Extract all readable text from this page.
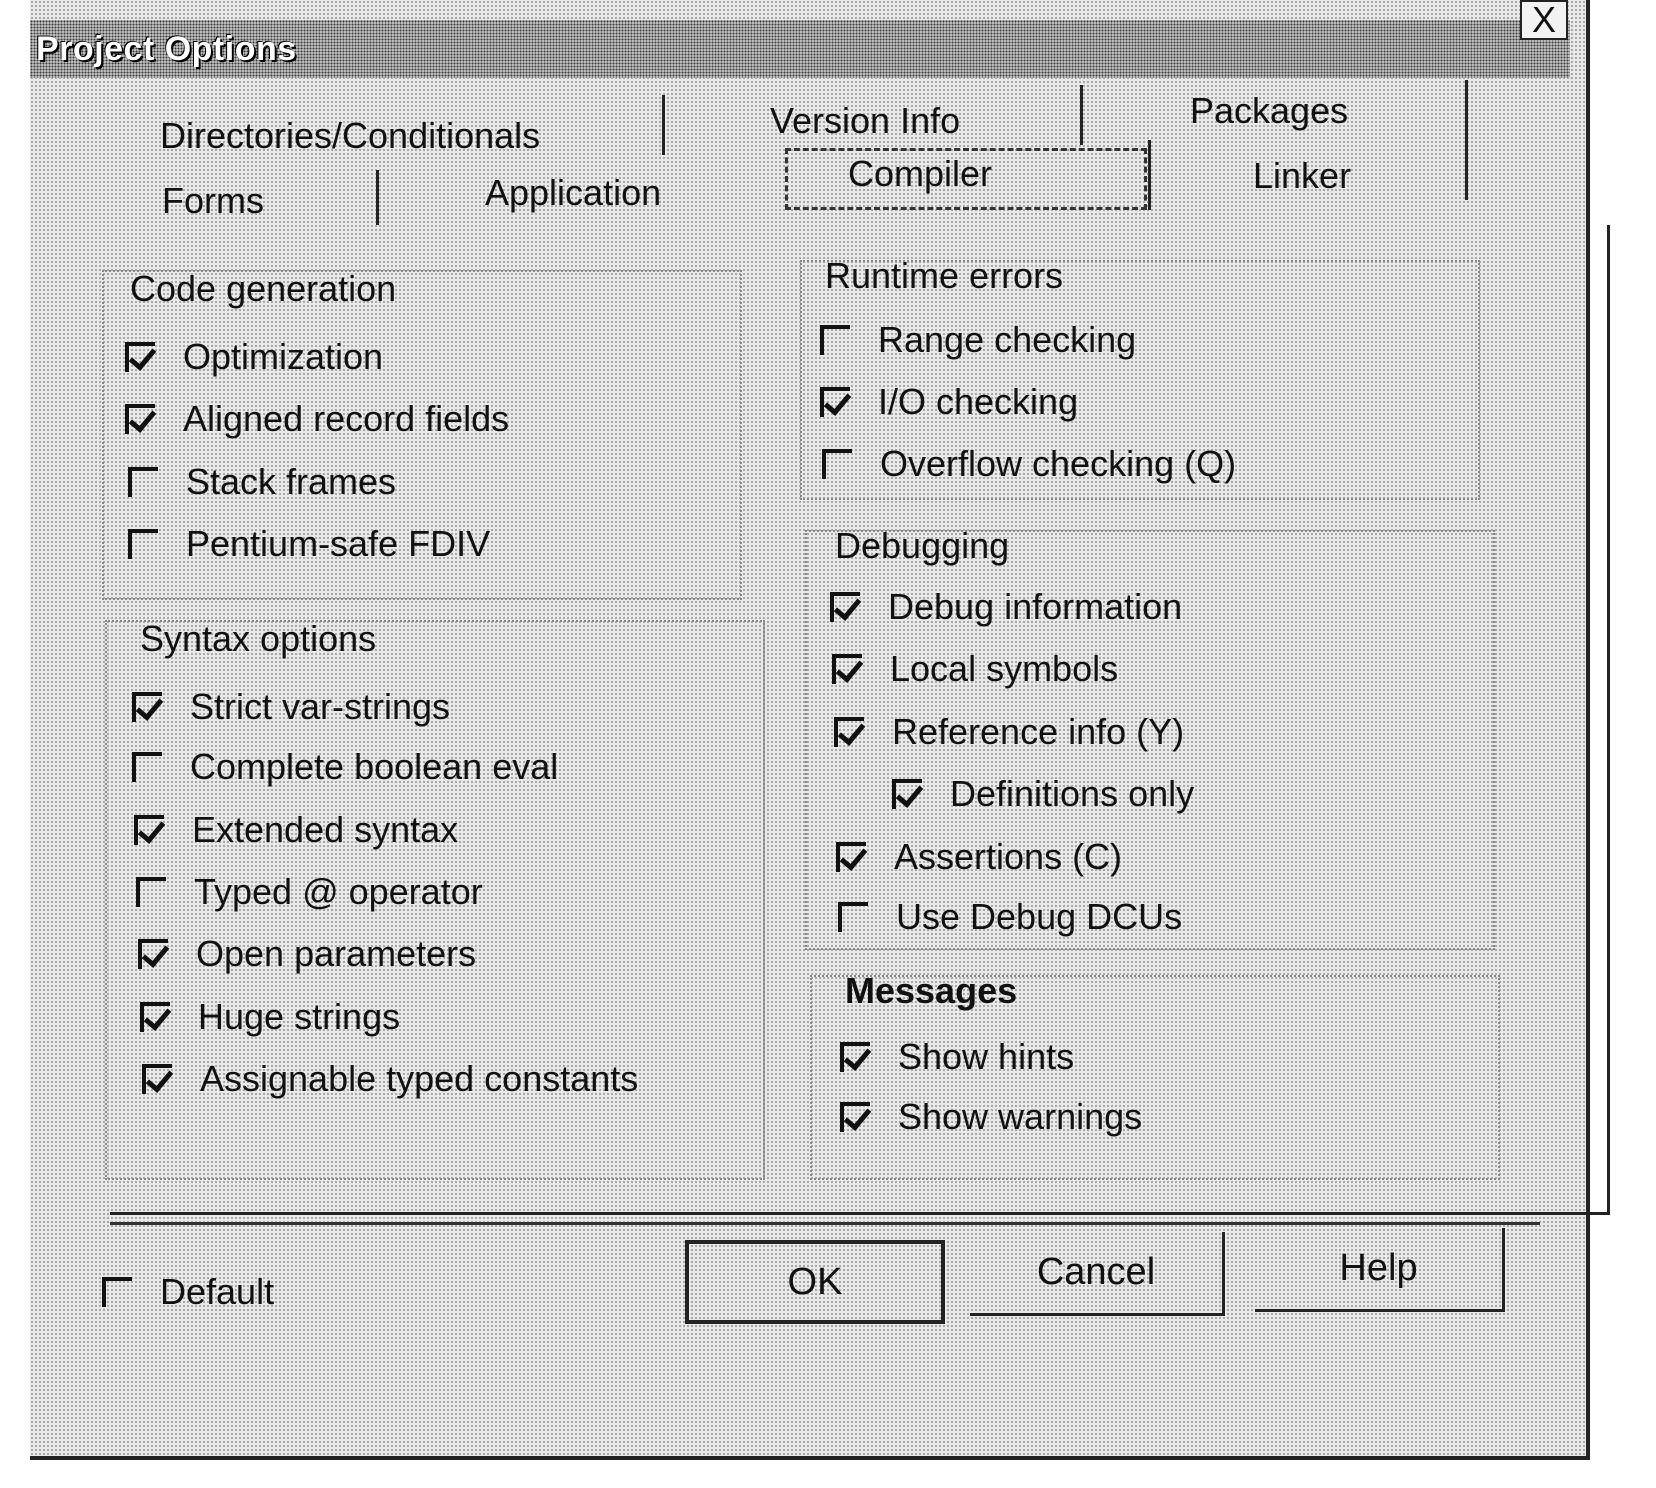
Project Options
X
Directories/Conditionals	Version Info	Packages
Forms	Application	Compiler	Linker
Code generation
Optimization
Aligned record fields
Stack frames
Pentium-safe FDIV
Syntax options
Strict var-strings
Complete boolean eval
Extended syntax
Typed @ operator
Open parameters
Huge strings
Assignable typed constants
Runtime errors
Range checking
I/O checking
Overflow checking (Q)
Debugging
Debug information
Local symbols
Reference info (Y)
Definitions only
Assertions (C)
Use Debug DCUs
Messages
Show hints
Show warnings
Default	OK	Cancel	Help
